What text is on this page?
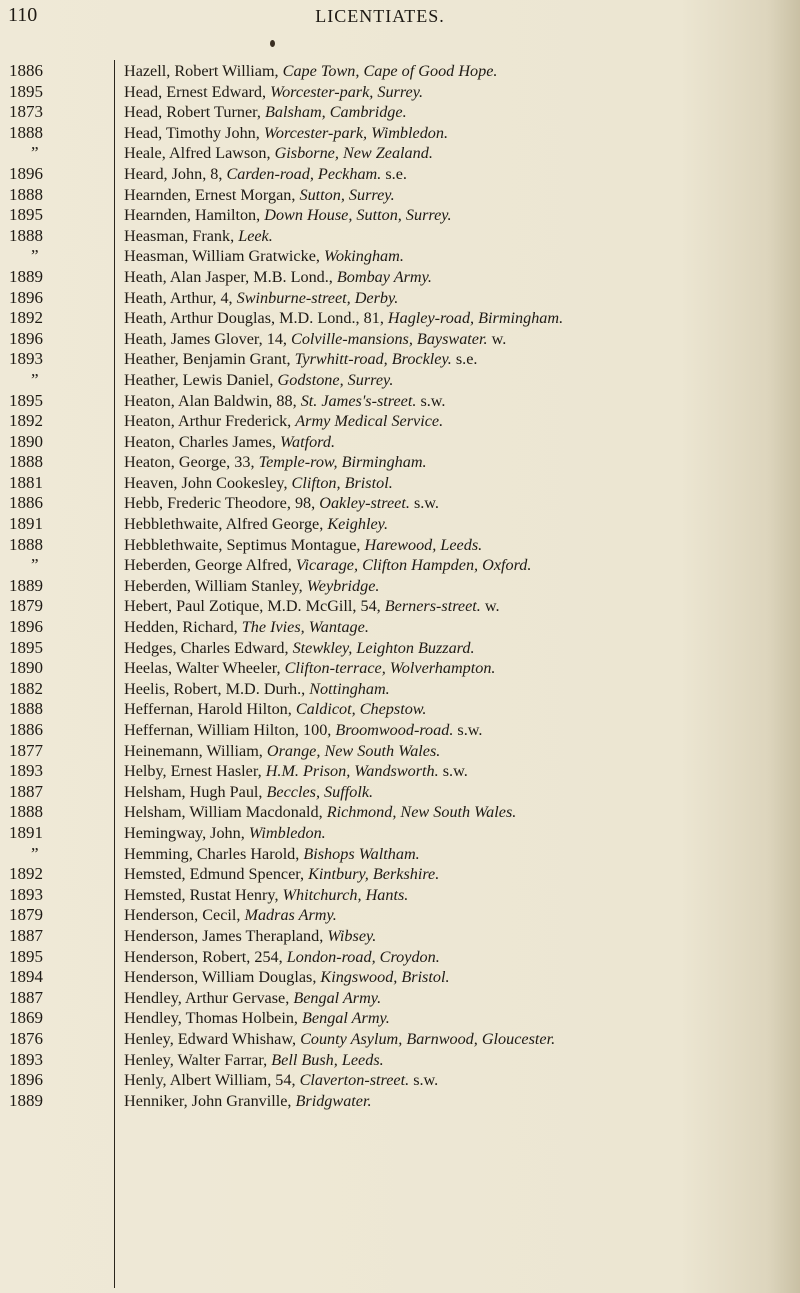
110	LICENTIATES.
1886	Hazell, Robert William, Cape Town, Cape of Good Hope.
1895	Head, Ernest Edward, Worcester-park, Surrey.
1873	Head, Robert Turner, Balsham, Cambridge.
1888	Head, Timothy John, Worcester-park, Wimbledon.
”	Heale, Alfred Lawson, Gisborne, New Zealand.
1896	Heard, John, 8, Carden-road, Peckham. s.e.
1888	Hearnden, Ernest Morgan, Sutton, Surrey.
1895	Hearnden, Hamilton, Down House, Sutton, Surrey.
1888	Heasman, Frank, Leek.
”	Heasman, William Gratwicke, Wokingham.
1889	Heath, Alan Jasper, M.B. Lond., Bombay Army.
1896	Heath, Arthur, 4, Swinburne-street, Derby.
1892	Heath, Arthur Douglas, M.D. Lond., 81, Hagley-road, Birmingham.
1896	Heath, James Glover, 14, Colville-mansions, Bayswater. w.
1893	Heather, Benjamin Grant, Tyrwhitt-road, Brockley. s.e.
”	Heather, Lewis Daniel, Godstone, Surrey.
1895	Heaton, Alan Baldwin, 88, St. James's-street. s.w.
1892	Heaton, Arthur Frederick, Army Medical Service.
1890	Heaton, Charles James, Watford.
1888	Heaton, George, 33, Temple-row, Birmingham.
1881	Heaven, John Cookesley, Clifton, Bristol.
1886	Hebb, Frederic Theodore, 98, Oakley-street. s.w.
1891	Hebblethwaite, Alfred George, Keighley.
1888	Hebblethwaite, Septimus Montague, Harewood, Leeds.
”	Heberden, George Alfred, Vicarage, Clifton Hampden, Oxford.
1889	Heberden, William Stanley, Weybridge.
1879	Hebert, Paul Zotique, M.D. McGill, 54, Berners-street. w.
1896	Hedden, Richard, The Ivies, Wantage.
1895	Hedges, Charles Edward, Stewkley, Leighton Buzzard.
1890	Heelas, Walter Wheeler, Clifton-terrace, Wolverhampton.
1882	Heelis, Robert, M.D. Durh., Nottingham.
1888	Heffernan, Harold Hilton, Caldicot, Chepstow.
1886	Heffernan, William Hilton, 100, Broomwood-road. s.w.
1877	Heinemann, William, Orange, New South Wales.
1893	Helby, Ernest Hasler, H.M. Prison, Wandsworth. s.w.
1887	Helsham, Hugh Paul, Beccles, Suffolk.
1888	Helsham, William Macdonald, Richmond, New South Wales.
1891	Hemingway, John, Wimbledon.
”	Hemming, Charles Harold, Bishops Waltham.
1892	Hemsted, Edmund Spencer, Kintbury, Berkshire.
1893	Hemsted, Rustat Henry, Whitchurch, Hants.
1879	Henderson, Cecil, Madras Army.
1887	Henderson, James Therapland, Wibsey.
1895	Henderson, Robert, 254, London-road, Croydon.
1894	Henderson, William Douglas, Kingswood, Bristol.
1887	Hendley, Arthur Gervase, Bengal Army.
1869	Hendley, Thomas Holbein, Bengal Army.
1876	Henley, Edward Whishaw, County Asylum, Barnwood, Gloucester.
1893	Henley, Walter Farrar, Bell Bush, Leeds.
1896	Henly, Albert William, 54, Claverton-street. s.w.
1889	Henniker, John Granville, Bridgwater.
